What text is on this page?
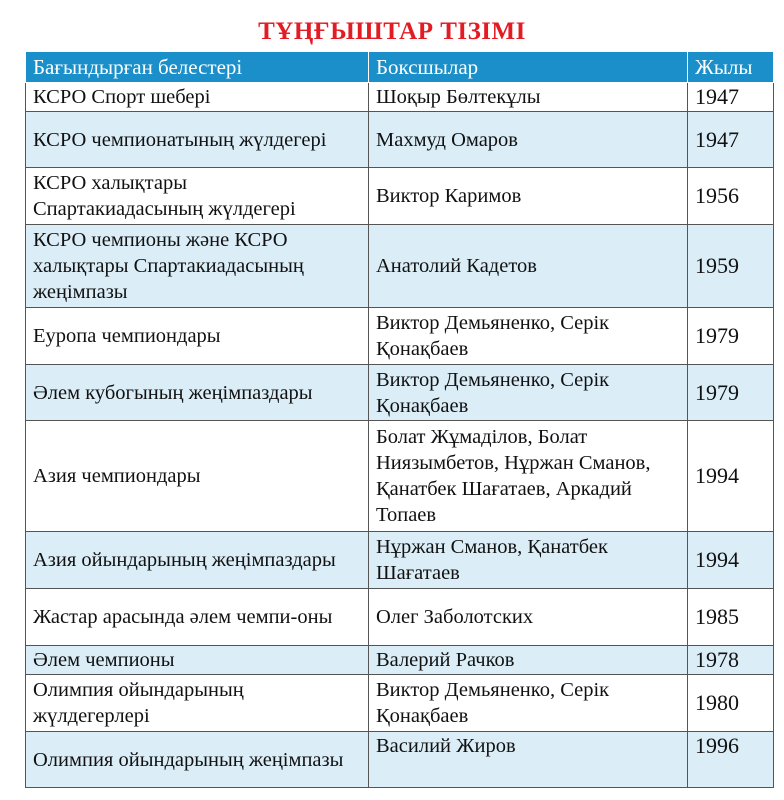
ТҰҢҒЫШТАР ТІЗІМІ
Бағындырған белестері	Боксшылар	Жылы
КСРО Спорт шебері	Шоқыр Бөлтекұлы	1947
КСРО чемпионатының жүлдегері	Махмуд Омаров	1947
КСРО халықтары Спартакиадасының жүлдегері	Виктор Каримов	1956
КСРО чемпионы және КСРО халықтары Спартакиадасының жеңімпазы	Анатолий Кадетов	1959
Еуропа чемпиондары	Виктор Демьяненко, Серік Қонақбаев	1979
Әлем кубогының жеңімпаздары	Виктор Демьяненко, Серік Қонақбаев	1979
Азия чемпиондары	Болат Жұмаділов, Болат Ниязымбетов, Нұржан Сманов, Қанатбек Шағатаев, Аркадий Топаев	1994
Азия ойындарының жеңімпаздары	Нұржан Сманов, Қанатбек Шағатаев	1994
Жастар арасында әлем чемпи-оны	Олег Заболотских	1985
Әлем чемпионы	Валерий Рачков	1978
Олимпия ойындарының жүлдегерлері	Виктор Демьяненко, Серік Қонақбаев	1980
Олимпия ойындарының жеңімпазы	Василий Жиров	1996
